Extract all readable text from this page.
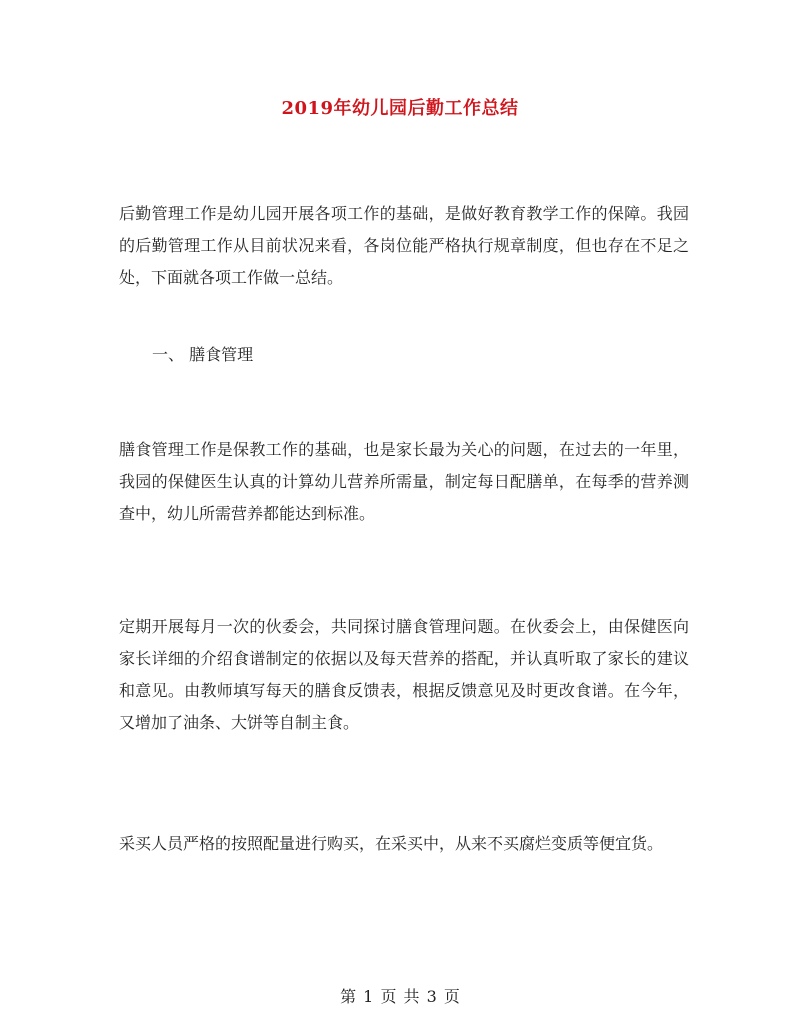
2019年幼儿园后勤工作总结

后勤管理工作是幼儿园开展各项工作的基础，是做好教育教学工作的保障。我园的后勤管理工作从目前状况来看，各岗位能严格执行规章制度，但也存在不足之处，下面就各项工作做一总结。

一、 膳食管理

膳食管理工作是保教工作的基础，也是家长最为关心的问题，在过去的一年里，我园的保健医生认真的计算幼儿营养所需量，制定每日配膳单，在每季的营养测查中，幼儿所需营养都能达到标准。

定期开展每月一次的伙委会，共同探讨膳食管理问题。在伙委会上，由保健医向家长详细的介绍食谱制定的依据以及每天营养的搭配，并认真听取了家长的建议和意见。由教师填写每天的膳食反馈表，根据反馈意见及时更改食谱。在今年，又增加了油条、大饼等自制主食。

采买人员严格的按照配量进行购买，在采买中，从来不买腐烂变质等便宜货。

第 1 页 共 3 页
